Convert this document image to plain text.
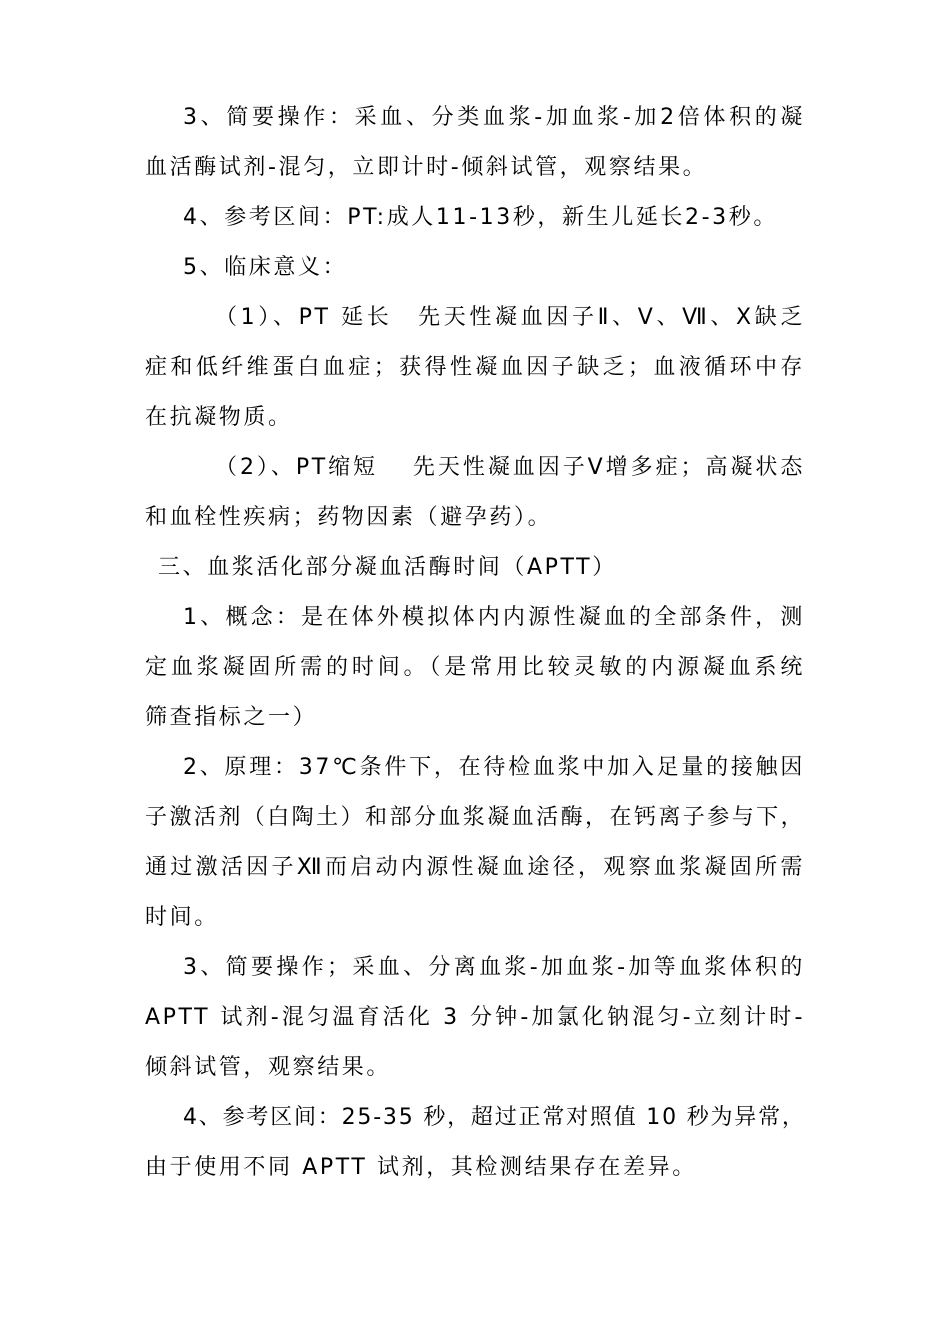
3、简要操作：采血、分类血浆-加血浆-加2倍体积的凝
血活酶试剂-混匀，立即计时-倾斜试管，观察结果。
4、参考区间：PT:成人11-13秒，新生儿延长2-3秒。
5、临床意义：
（1）、PT 延长　先天性凝血因子Ⅱ、Ⅴ、Ⅶ、Ⅹ缺乏
症和低纤维蛋白血症；获得性凝血因子缺乏；血液循环中存
在抗凝物质。
（2）、PT缩短　 先天性凝血因子Ⅴ增多症；高凝状态
和血栓性疾病；药物因素（避孕药）。
三、血浆活化部分凝血活酶时间（APTT）
1、概念：是在体外模拟体内内源性凝血的全部条件，测
定血浆凝固所需的时间。（是常用比较灵敏的内源凝血系统
筛查指标之一）
2、原理：37℃条件下，在待检血浆中加入足量的接触因
子激活剂（白陶土）和部分血浆凝血活酶，在钙离子参与下，
通过激活因子Ⅻ而启动内源性凝血途径，观察血浆凝固所需
时间。
3、简要操作；采血、分离血浆-加血浆-加等血浆体积的
APTT 试剂-混匀温育活化 3 分钟-加氯化钠混匀-立刻计时-
倾斜试管，观察结果。
4、参考区间：25-35 秒，超过正常对照值 10 秒为异常，
由于使用不同 APTT 试剂，其检测结果存在差异。
